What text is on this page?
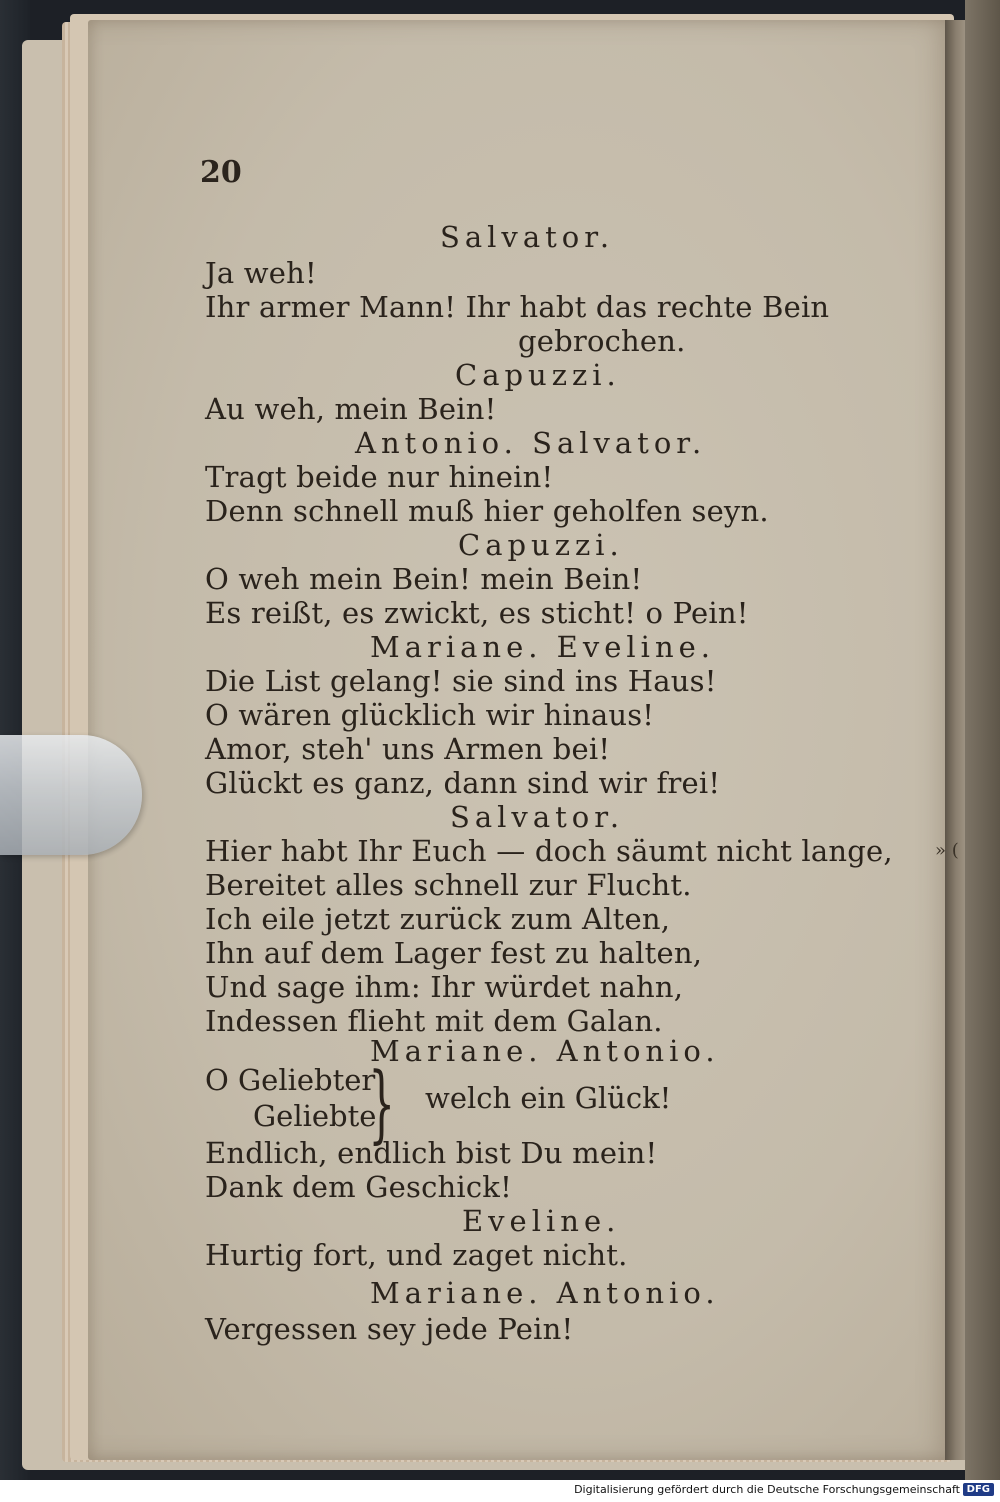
20
Salvator.
Ja weh!
Ihr armer Mann! Ihr habt das rechte Bein
gebrochen.
Capuzzi.
Au weh, mein Bein!
Antonio. Salvator.
Tragt beide nur hinein!
Denn schnell muß hier geholfen seyn.
Capuzzi.
O weh mein Bein! mein Bein!
Es reißt, es zwickt, es sticht! o Pein!
Mariane. Eveline.
Die List gelang! sie sind ins Haus!
O wären glücklich wir hinaus!
Amor, steh' uns Armen bei!
Glückt es ganz, dann sind wir frei!
Salvator.
Hier habt Ihr Euch — doch säumt nicht lange,
Bereitet alles schnell zur Flucht.
Ich eile jetzt zurück zum Alten,
Ihn auf dem Lager fest zu halten,
Und sage ihm: Ihr würdet nahn,
Indessen flieht mit dem Galan.
Mariane. Antonio.
O Geliebter
Geliebte
} welch ein Glück!
Endlich, endlich bist Du mein!
Dank dem Geschick!
Eveline.
Hurtig fort, und zaget nicht.
Mariane. Antonio.
Vergessen sey jede Pein!
» (
Digitalisierung gefördert durch die Deutsche Forschungsgemeinschaft DFG
